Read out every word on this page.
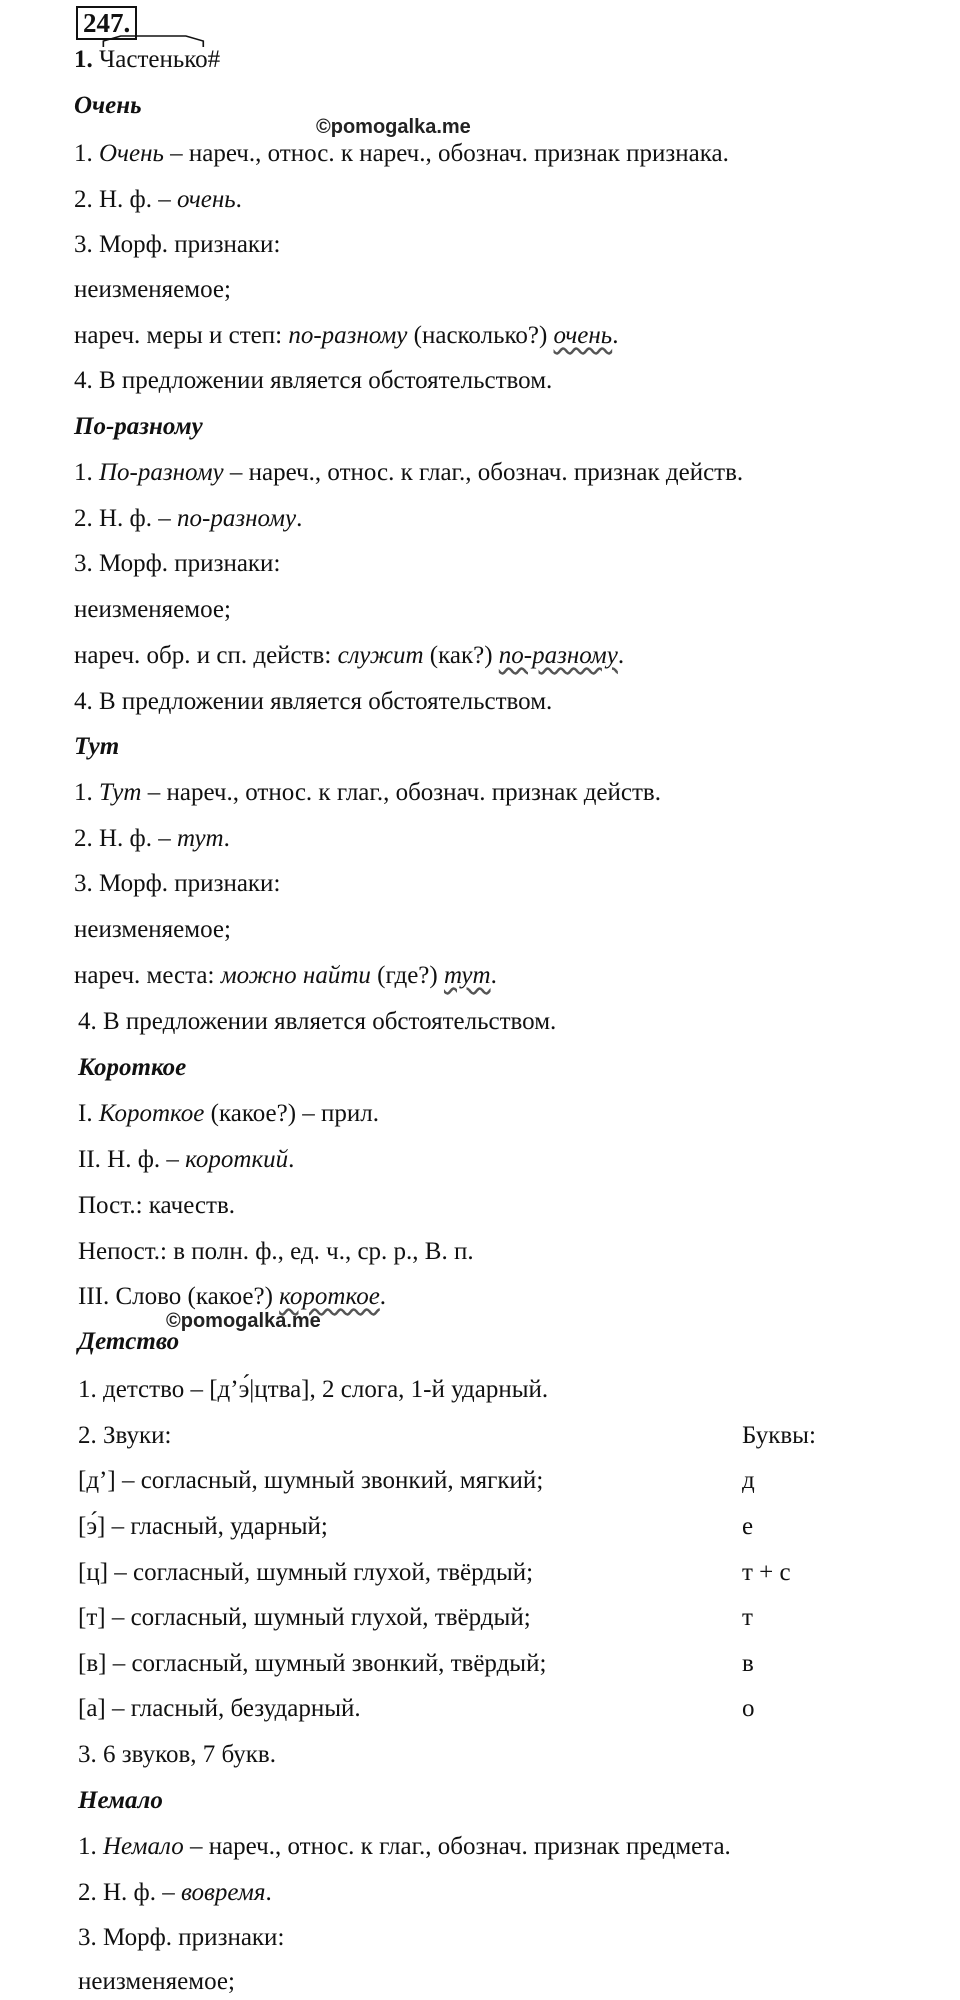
247.
1. Частенько#
©pomogalka.me
Очень
1. Очень – нареч., относ. к нареч., обознач. признак признака.
2. Н. ф. – очень.
3. Морф. признаки:
неизменяемое;
нареч. меры и степ: по-разному (насколько?) очень.
4. В предложении является обстоятельством.
По-разному
1. По-разному – нареч., относ. к глаг., обознач. признак действ.
2. Н. ф. – по-разному.
3. Морф. признаки:
неизменяемое;
нареч. обр. и сп. действ: служит (как?) по-разному.
4. В предложении является обстоятельством.
Тут
1. Тут – нареч., относ. к глаг., обознач. признак действ.
2. Н. ф. – тут.
3. Морф. признаки:
неизменяемое;
нареч. места: можно найти (где?) тут.
4. В предложении является обстоятельством.
Короткое
I. Короткое (какое?) – прил.
II. Н. ф. – короткий.
Пост.: качеств.
Непост.: в полн. ф., ед. ч., ср. р., В. п.
III. Слово (какое?) короткое.
©pomogalka.me
Детство
1. детство – [д’э́|цтва], 2 слога, 1-й ударный.
2. Звуки:	Буквы:
[д’] – согласный, шумный звонкий, мягкий;	д
[э́] – гласный, ударный;	е
[ц] – согласный, шумный глухой, твёрдый;	т + с
[т] – согласный, шумный глухой, твёрдый;	т
[в] – согласный, шумный звонкий, твёрдый;	в
[а] – гласный, безударный.	о
3. 6 звуков, 7 букв.
Немало
1. Немало – нареч., относ. к глаг., обознач. признак предмета.
2. Н. ф. – вовремя.
3. Морф. признаки:
неизменяемое;
